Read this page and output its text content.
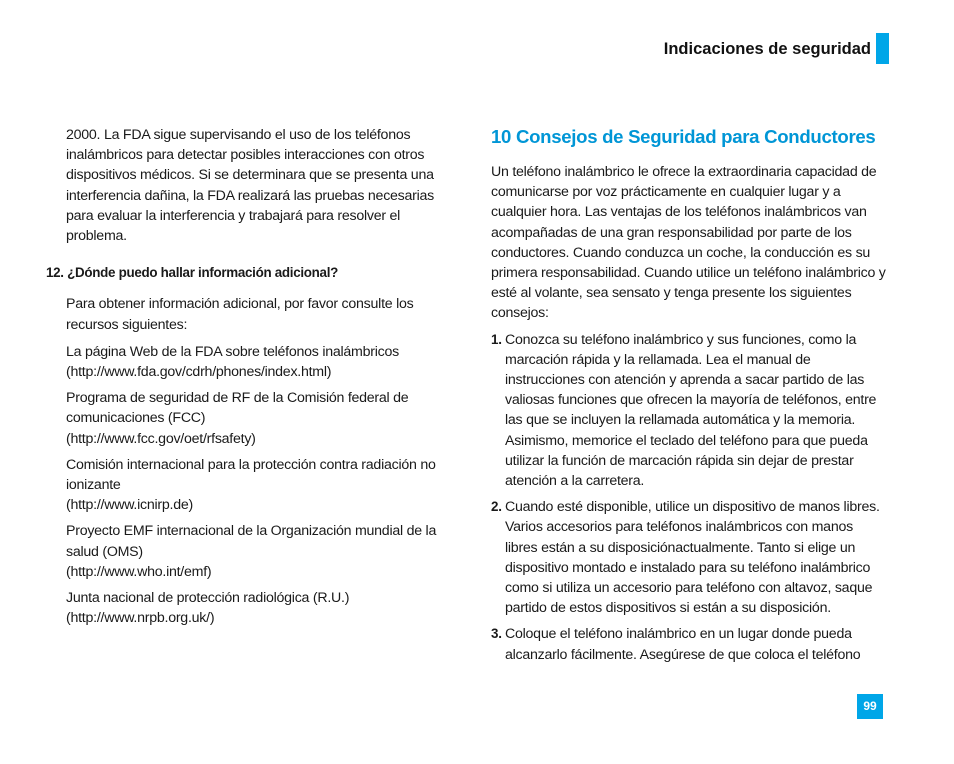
Indicaciones de seguridad

2000. La FDA sigue supervisando el uso de los teléfonos inalámbricos para detectar posibles interacciones con otros dispositivos médicos. Si se determinara que se presenta una interferencia dañina, la FDA realizará las pruebas necesarias para evaluar la interferencia y trabajará para resolver el problema.

12. ¿Dónde puedo hallar información adicional?

Para obtener información adicional, por favor consulte los recursos siguientes:

La página Web de la FDA sobre teléfonos inalámbricos

(http://www.fda.gov/cdrh/phones/index.html)

Programa de seguridad de RF de la Comisión federal de comunicaciones (FCC)

(http://www.fcc.gov/oet/rfsafety)

Comisión internacional para la protección contra radiación no ionizante

(http://www.icnirp.de)

Proyecto EMF internacional de la Organización mundial de la salud (OMS)

(http://www.who.int/emf)

Junta nacional de protección radiológica (R.U.)

(http://www.nrpb.org.uk/)

10 Consejos de Seguridad para Conductores

Un teléfono inalámbrico le ofrece la extraordinaria capacidad de comunicarse por voz prácticamente en cualquier lugar y a cualquier hora. Las ventajas de los teléfonos inalámbricos van acompañadas de una gran responsabilidad por parte de los conductores. Cuando conduzca un coche, la conducción es su primera responsabilidad. Cuando utilice un teléfono inalámbrico y esté al volante, sea sensato y tenga presente los siguientes consejos:

1. Conozca su teléfono inalámbrico y sus funciones, como la marcación rápida y la rellamada. Lea el manual de instrucciones con atención y aprenda a sacar partido de las valiosas funciones que ofrecen la mayoría de teléfonos, entre las que se incluyen la rellamada automática y la memoria. Asimismo, memorice el teclado del teléfono para que pueda utilizar la función de marcación rápida sin dejar de prestar atención a la carretera.

2. Cuando esté disponible, utilice un dispositivo de manos libres. Varios accesorios para teléfonos inalámbricos con manos libres están a su disposiciónactualmente. Tanto si elige un dispositivo montado e instalado para su teléfono inalámbrico como si utiliza un accesorio para teléfono con altavoz, saque partido de estos dispositivos si están a su disposición.

3. Coloque el teléfono inalámbrico en un lugar donde pueda alcanzarlo fácilmente. Asegúrese de que coloca el teléfono

99
